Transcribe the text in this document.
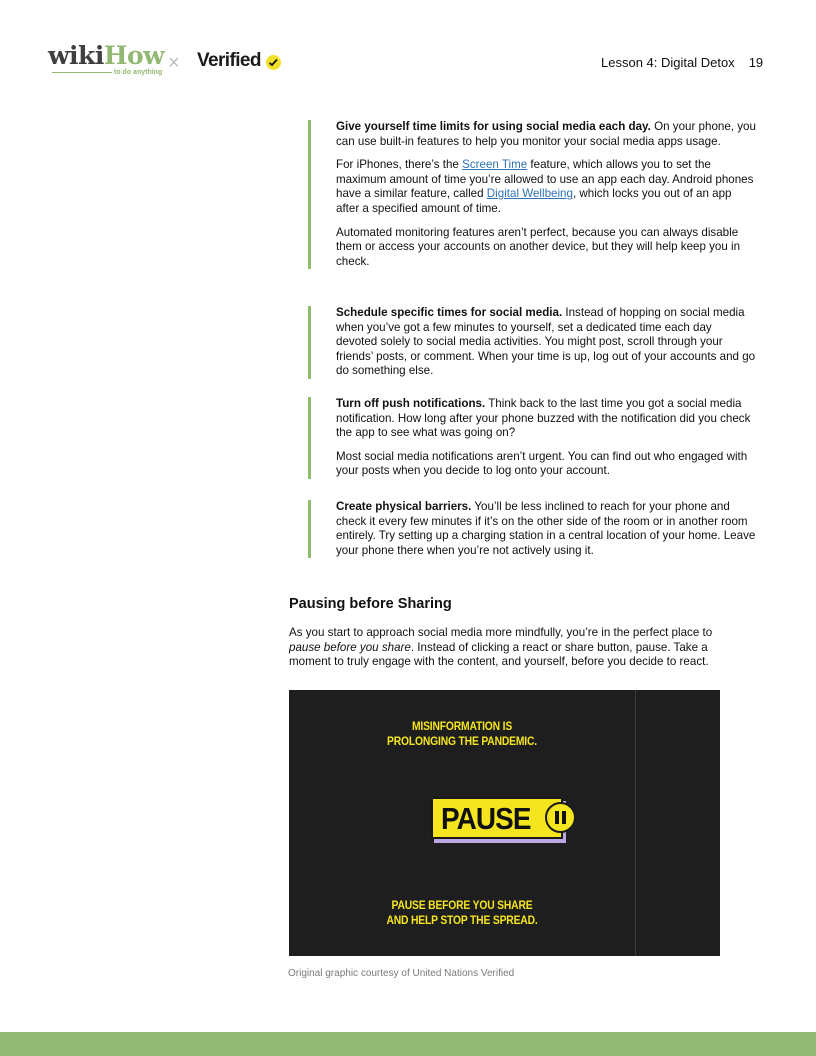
wikiHow
to do anything × Verified	Lesson 4: Digital Detox 19

Give yourself time limits for using social media each day. On your phone, you can use built-in features to help you monitor your social media apps usage.

For iPhones, there’s the Screen Time feature, which allows you to set the maximum amount of time you’re allowed to use an app each day. Android phones have a similar feature, called Digital Wellbeing, which locks you out of an app after a specified amount of time.

Automated monitoring features aren’t perfect, because you can always disable them or access your accounts on another device, but they will help keep you in check.

Schedule specific times for social media. Instead of hopping on social media when you’ve got a few minutes to yourself, set a dedicated time each day devoted solely to social media activities. You might post, scroll through your friends’ posts, or comment. When your time is up, log out of your accounts and go do something else.

Turn off push notifications. Think back to the last time you got a social media notification. How long after your phone buzzed with the notification did you check the app to see what was going on?

Most social media notifications aren’t urgent. You can find out who engaged with your posts when you decide to log onto your account.

Create physical barriers. You’ll be less inclined to reach for your phone and check it every few minutes if it’s on the other side of the room or in another room entirely. Try setting up a charging station in a central location of your home. Leave your phone there when you’re not actively using it.

Pausing before Sharing

As you start to approach social media more mindfully, you’re in the perfect place to pause before you share. Instead of clicking a react or share button, pause. Take a moment to truly engage with the content, and yourself, before you decide to react.

MISINFORMATION IS
PROLONGING THE PANDEMIC.
PAUSE
PAUSE BEFORE YOU SHARE
AND HELP STOP THE SPREAD.

Original graphic courtesy of United Nations Verified
